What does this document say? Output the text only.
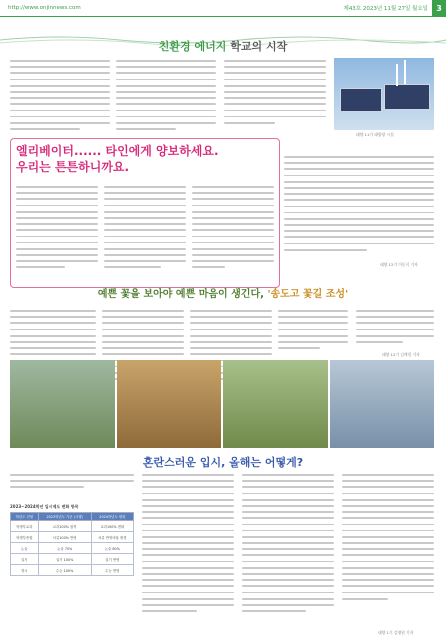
http://www.onjinnews.com	제43호 2023년 11월 27일 월요일	3
친환경 에너지 학교의 시작
태양 11기 태양광 시설
엘리베이터...... 타인에게 양보하세요.
우리는 튼튼하니까요.
태양 12기 이동식 기자
예쁜 꽃을 보아야 예쁜 마음이 생긴다, '송도고 꽃길 조성'
태양 12기 김예림 기자
혼란스러운 입시, 올해는 어떻게?
2023~2024학년 입시제도 변화 항목
학년도 전형	2023학년도 기준 (시행)	2024학년도 변화
학생부교과	교과100% 합격	교과100% 변화
학생부종합	서류100% 반영	서류 반영비율 변경
논술	논술 70%	논술 80%
실기	실기 100%	실기 반영
정시	수능 100%	수능 반영
태양 1기 김영원 기자
